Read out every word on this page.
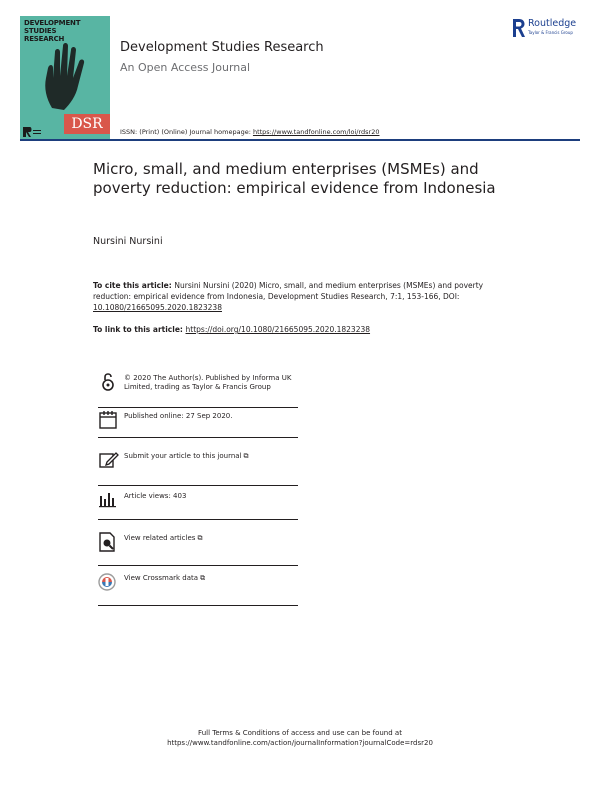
DEVELOPMENT
STUDIES
RESEARCH
DSR
Development Studies Research
An Open Access Journal
Routledge
Taylor & Francis Group
ISSN: (Print) (Online) Journal homepage: https://www.tandfonline.com/loi/rdsr20
Micro, small, and medium enterprises (MSMEs) and poverty reduction: empirical evidence from Indonesia
Nursini Nursini
To cite this article: Nursini Nursini (2020) Micro, small, and medium enterprises (MSMEs) and poverty reduction: empirical evidence from Indonesia, Development Studies Research, 7:1, 153-166, DOI: 10.1080/21665095.2020.1823238
To link to this article: https://doi.org/10.1080/21665095.2020.1823238
© 2020 The Author(s). Published by Informa UK Limited, trading as Taylor & Francis Group
Published online: 27 Sep 2020.
Submit your article to this journal ⧉
Article views: 403
View related articles ⧉
View Crossmark data ⧉
Full Terms & Conditions of access and use can be found at
https://www.tandfonline.com/action/journalInformation?journalCode=rdsr20
